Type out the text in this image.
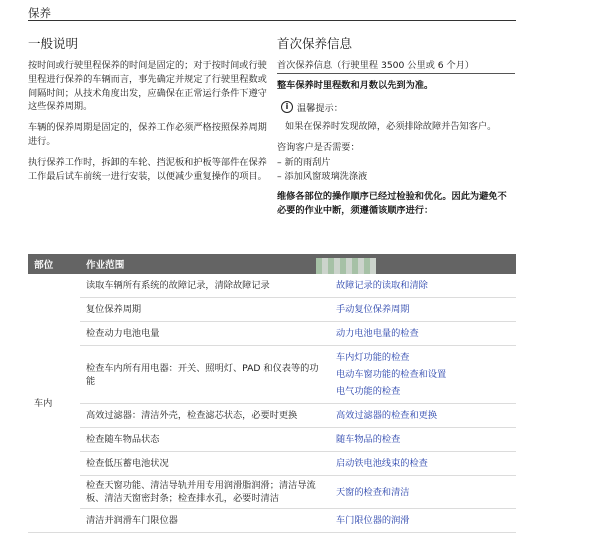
保养
一般说明

按时间或行驶里程保养的时间是固定的；对于按时间或行驶里程进行保养的车辆而言，事先确定并规定了行驶里程数或间隔时间；从技术角度出发，应确保在正常运行条件下遵守这些保养周期。

车辆的保养周期是固定的，保养工作必须严格按照保养周期进行。

执行保养工作时，拆卸的车轮、挡泥板和护板等部件在保养工作最后试车前统一进行安装，以便减少重复操作的项目。

首次保养信息
首次保养信息（行驶里程 3500 公里或 6 个月）

整车保养时里程数和月数以先到为准。

i 温馨提示：

如果在保养时发现故障，必须排除故障并告知客户。

咨询客户是否需要：

– 新的雨刮片
– 添加风窗玻璃洗涤液

维修各部位的操作顺序已经过检验和优化。因此为避免不必要的作业中断，须遵循该顺序进行：

部位	作业范围	
车内	读取车辆所有系统的故障记录，清除故障记录	故障记录的读取和清除

	复位保养周期	手动复位保养周期

	检查动力电池电量	动力电池电量的检查

	检查车内所有用电器：开关、照明灯、PAD 和仪表等的功能	车内灯功能的检查
电动车窗功能的检查和设置
电气功能的检查

	高效过滤器：清洁外壳，检查滤芯状态，必要时更换	高效过滤器的检查和更换

	检查随车物品状态	随车物品的检查

	检查低压蓄电池状况	启动铁电池线束的检查

	检查天窗功能、清洁导轨并用专用润滑脂润滑；清洁导流板、清洁天窗密封条；检查排水孔，必要时清洁	天窗的检查和清洁

	清洁并润滑车门限位器	车门限位器的润滑
